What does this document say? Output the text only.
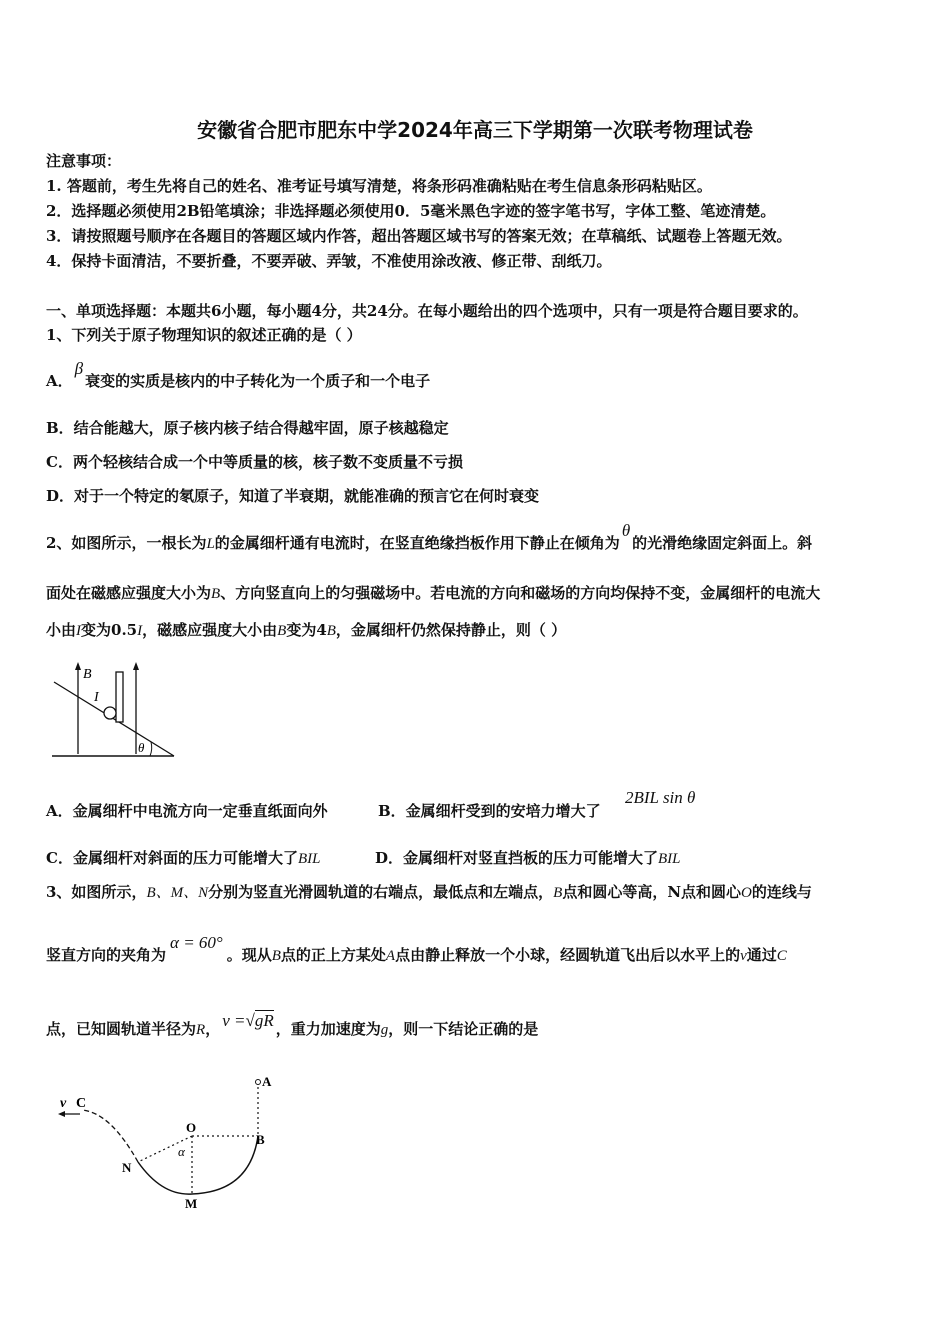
安徽省合肥市肥东中学2024年高三下学期第一次联考物理试卷
注意事项：
1. 答题前，考生先将自己的姓名、准考证号填写清楚，将条形码准确粘贴在考生信息条形码粘贴区。
2．选择题必须使用2B铅笔填涂；非选择题必须使用0．5毫米黑色字迹的签字笔书写，字体工整、笔迹清楚。
3．请按照题号顺序在各题目的答题区域内作答，超出答题区域书写的答案无效；在草稿纸、试题卷上答题无效。
4．保持卡面清洁，不要折叠，不要弄破、弄皱，不准使用涂改液、修正带、刮纸刀。
一、单项选择题：本题共6小题，每小题4分，共24分。在每小题给出的四个选项中，只有一项是符合题目要求的。
1、下列关于原子物理知识的叙述正确的是（ ）
A．β衰变的实质是核内的中子转化为一个质子和一个电子
B．结合能越大，原子核内核子结合得越牢固，原子核越稳定
C．两个轻核结合成一个中等质量的核，核子数不变质量不亏损
D．对于一个特定的氡原子，知道了半衰期，就能准确的预言它在何时衰变
2、如图所示，一根长为L的金属细杆通有电流时，在竖直绝缘挡板作用下静止在倾角为θ的光滑绝缘固定斜面上。斜
面处在磁感应强度大小为B、方向竖直向上的匀强磁场中。若电流的方向和磁场的方向均保持不变，金属细杆的电流大
小由I变为0.5I，磁感应强度大小由B变为4B，金属细杆仍然保持静止，则（ ）
B
I
θ
A．金属细杆中电流方向一定垂直纸面向外	B．金属细杆受到的安培力增大了
2BIL sin θ
C．金属细杆对斜面的压力可能增大了BIL	D．金属细杆对竖直挡板的压力可能增大了BIL
3、如图所示，B、M、N分别为竖直光滑圆轨道的右端点，最低点和左端点，B点和圆心等高，N点和圆心O的连线与
竖直方向的夹角为α = 60°。现从B点的正上方某处A点由静止释放一个小球，经圆轨道飞出后以水平上的v通过C
点，已知圆轨道半径为R， v =√gR ，重力加速度为g，则一下结论正确的是
v C
A
O
B
α
N
M
